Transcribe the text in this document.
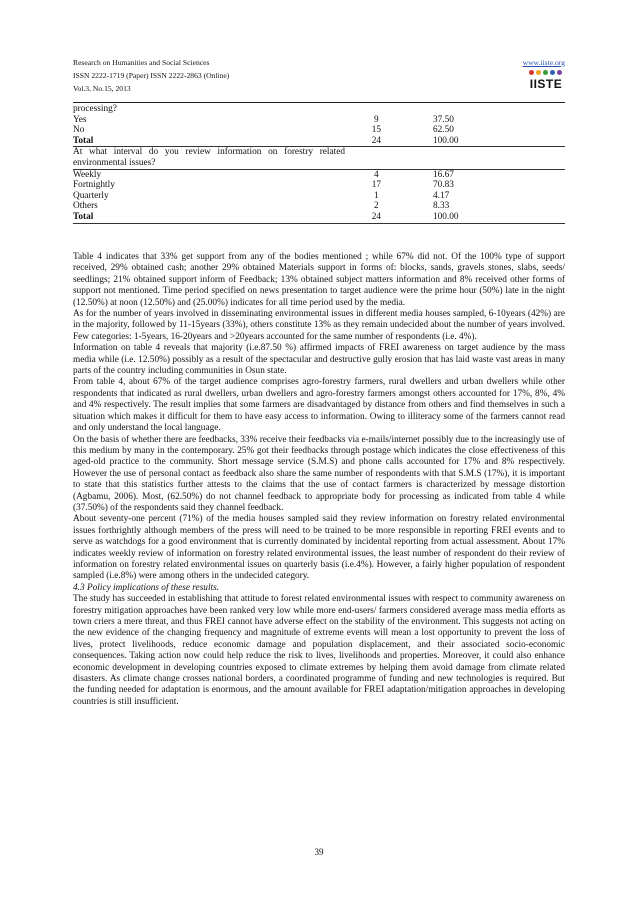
Research on Humanities and Social Sciences
ISSN 2222-1719 (Paper) ISSN 2222-2863 (Online)
Vol.3, No.15, 2013
www.iiste.org
IISTE
processing?		
Yes	9	37.50
No	15	62.50
Total	24	100.00
At what interval do you review information on forestry related environmental issues?		
Weekly	4	16.67
Fortnightly	17	70.83
Quarterly	1	4.17
Others	2	8.33
Total	24	100.00

Table 4 indicates that 33% get support from any of the bodies mentioned ; while 67% did not. Of the 100% type of support received, 29% obtained cash; another 29% obtained Materials support in forms of: blocks, sands, gravels stones, slabs, seeds/ seedlings; 21% obtained support inform of Feedback; 13% obtained subject matters information and 8% received other forms of support not mentioned. Time period specified on news presentation to target audience were the prime hour (50%) late in the night (12.50%) at noon (12.50%) and (25.00%) indicates for all time period used by the media.

As for the number of years involved in disseminating environmental issues in different media houses sampled, 6-10years (42%) are in the majority, followed by 11-15years (33%), others constitute 13% as they remain undecided about the number of years involved. Few categories: 1-5years, 16-20years and >20years accounted for the same number of respondents (i.e. 4%).

Information on table 4 reveals that majority (i.e.87.50 %) affirmed impacts of FREI awareness on target audience by the mass media while (i.e. 12.50%) possibly as a result of the spectacular and destructive gully erosion that has laid waste vast areas in many parts of the country including communities in Osun state.

From table 4, about 67% of the target audience comprises agro-forestry farmers, rural dwellers and urban dwellers while other respondents that indicated as rural dwellers, urban dwellers and agro-forestry farmers amongst others accounted for 17%, 8%, 4% and 4% respectively. The result implies that some farmers are disadvantaged by distance from others and find themselves in such a situation which makes it difficult for them to have easy access to information. Owing to illiteracy some of the farmers cannot read and only understand the local language.

On the basis of whether there are feedbacks, 33% receive their feedbacks via e-mails/internet possibly due to the increasingly use of this medium by many in the contemporary. 25% got their feedbacks through postage which indicates the close effectiveness of this aged-old practice to the community. Short message service (S.M.S) and phone calls accounted for 17% and 8% respectively. However the use of personal contact as feedback also share the same number of respondents with that S.M.S (17%), it is important to state that this statistics further attests to the claims that the use of contact farmers is characterized by message distortion (Agbamu, 2006). Most, (62.50%) do not channel feedback to appropriate body for processing as indicated from table 4 while (37.50%) of the respondents said they channel feedback.

About seventy-one percent (71%) of the media houses sampled said they review information on forestry related environmental issues forthrightly although members of the press will need to be trained to be more responsible in reporting FREI events and to serve as watchdogs for a good environment that is currently dominated by incidental reporting from actual assessment. About 17% indicates weekly review of information on forestry related environmental issues, the least number of respondent do their review of information on forestry related environmental issues on quarterly basis (i.e.4%). However, a fairly higher population of respondent sampled (i.e.8%) were among others in the undecided category.

4.3 Policy implications of these results.

The study has succeeded in establishing that attitude to forest related environmental issues with respect to community awareness on forestry mitigation approaches have been ranked very low while more end-users/ farmers considered average mass media efforts as town criers a mere threat, and thus FREI cannot have adverse effect on the stability of the environment. This suggests not acting on the new evidence of the changing frequency and magnitude of extreme events will mean a lost opportunity to prevent the loss of lives, protect livelihoods, reduce economic damage and population displacement, and their associated socio-economic consequences. Taking action now could help reduce the risk to lives, livelihoods and properties. Moreover, it could also enhance economic development in developing countries exposed to climate extremes by helping them avoid damage from climate related disasters. As climate change crosses national borders, a coordinated programme of funding and new technologies is required. But the funding needed for adaptation is enormous, and the amount available for FREI adaptation/mitigation approaches in developing countries is still insufficient.

39
